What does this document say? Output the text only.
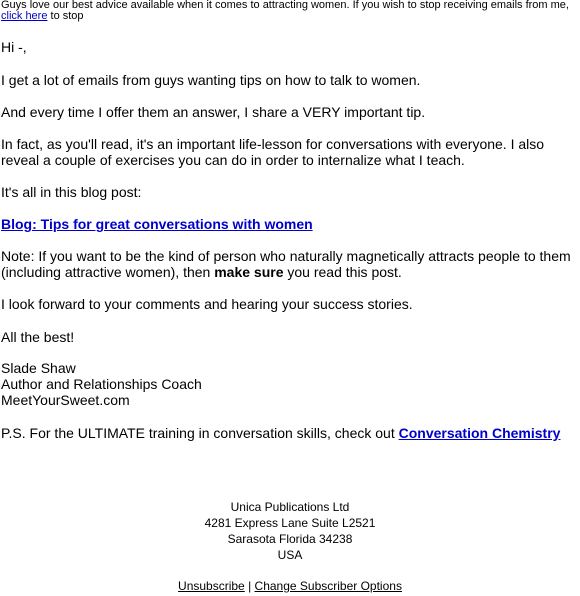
Guys love our best advice available when it comes to attracting women. If you wish to stop receiving emails from me, click here to stop

Hi -,

I get a lot of emails from guys wanting tips on how to talk to women.

And every time I offer them an answer, I share a VERY important tip.

In fact, as you'll read, it's an important life-lesson for conversations with everyone. I also reveal a couple of exercises you can do in order to internalize what I teach.

It's all in this blog post:

Blog: Tips for great conversations with women

Note: If you want to be the kind of person who naturally magnetically attracts people to them (including attractive women), then make sure you read this post.

I look forward to your comments and hearing your success stories.

All the best!

Slade Shaw
Author and Relationships Coach
MeetYourSweet.com

P.S. For the ULTIMATE training in conversation skills, check out Conversation Chemistry

Unica Publications Ltd
4281 Express Lane Suite L2521
Sarasota Florida 34238
USA
Unsubscribe | Change Subscriber Options
